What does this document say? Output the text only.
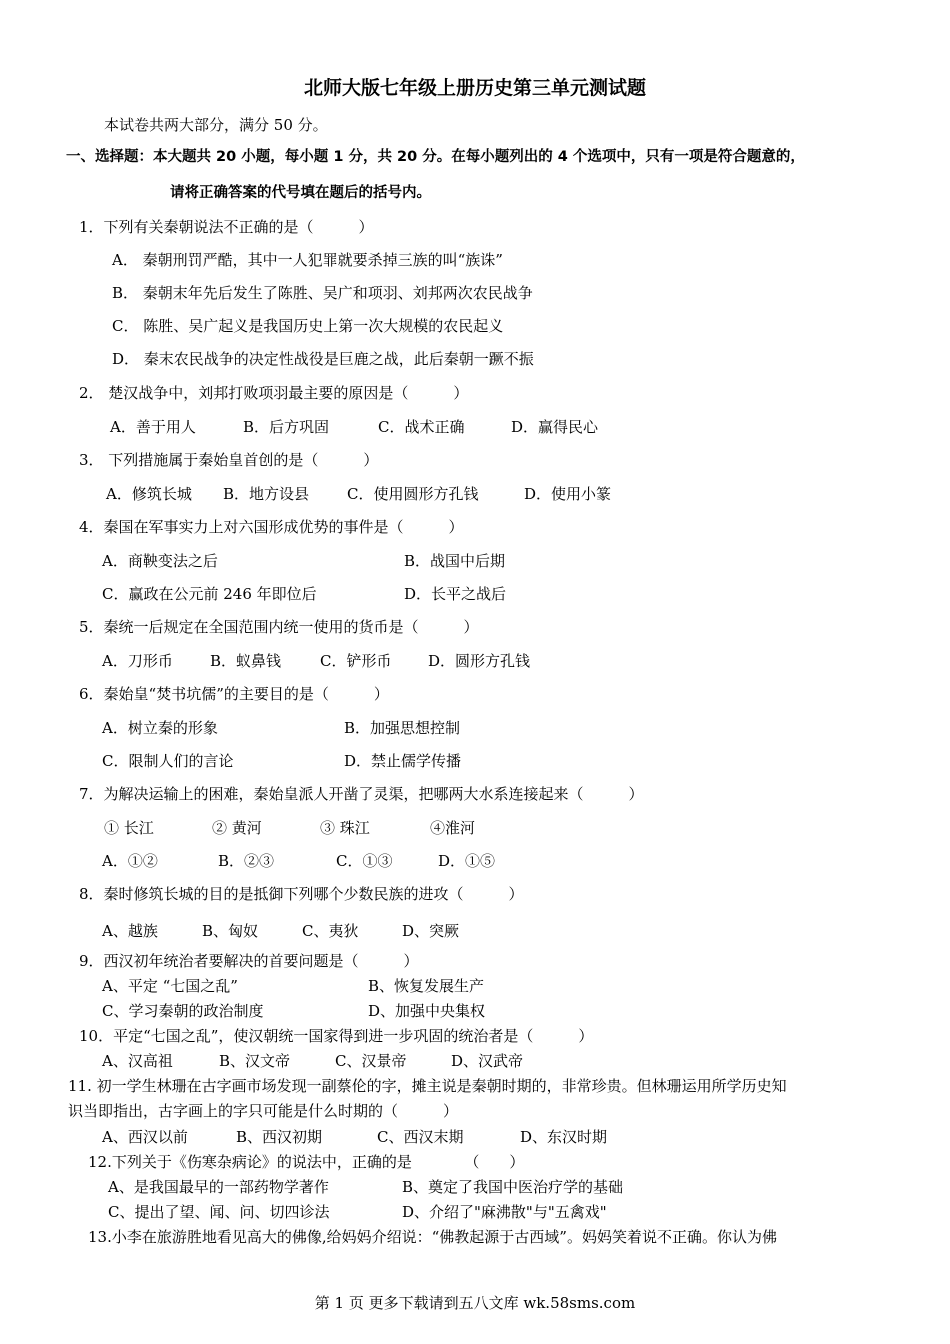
北师大版七年级上册历史第三单元测试题
本试卷共两大部分，满分 50 分。
一、选择题：本大题共 20 小题，每小题 1 分，共 20 分。在每小题列出的 4 个选项中，只有一项是符合题意的，
请将正确答案的代号填在题后的括号内。
1．下列有关秦朝说法不正确的是（　　　）
A． 秦朝刑罚严酷，其中一人犯罪就要杀掉三族的叫“族诛”
B． 秦朝末年先后发生了陈胜、吴广和项羽、刘邦两次农民战争
C． 陈胜、吴广起义是我国历史上第一次大规模的农民起义
D． 秦末农民战争的决定性战役是巨鹿之战，此后秦朝一蹶不振
2． 楚汉战争中，刘邦打败项羽最主要的原因是（　　　）
A．善于用人	B．后方巩固	C．战术正确	D．赢得民心
3． 下列措施属于秦始皇首创的是（　　　）
A．修筑长城 B．地方设县	C．使用圆形方孔钱	D．使用小篆
4．秦国在军事实力上对六国形成优势的事件是（　　　）
A．商鞅变法之后	B．战国中后期
C．赢政在公元前 246 年即位后	D．长平之战后
5．秦统一后规定在全国范围内统一使用的货币是（　　　）
A．刀形币 B．蚁鼻钱	C．铲形币 D．圆形方孔钱
6．秦始皇“焚书坑儒”的主要目的是（　　　）
A．树立秦的形象	B．加强思想控制
C．限制人们的言论	D．禁止儒学传播
7．为解决运输上的困难，秦始皇派人开凿了灵渠，把哪两大水系连接起来（　　　）
① 长江	② 黄河	③ 珠江	④淮河
A．①②	B．②③	C．①③	D．①⑤
8．秦时修筑长城的目的是抵御下列哪个少数民族的进攻（　　　）
A、越族	B、匈奴	C、夷狄	D、突厥
9．西汉初年统治者要解决的首要问题是（　　　）
A、平定 “七国之乱”	B、恢复发展生产
C、学习秦朝的政治制度	D、加强中央集权
10．平定“七国之乱”，使汉朝统一国家得到进一步巩固的统治者是（　　　）
A、汉高祖	B、汉文帝	C、汉景帝	D、汉武帝
11. 初一学生林珊在古字画市场发现一副蔡伦的字，摊主说是秦朝时期的，非常珍贵。但林珊运用所学历史知
识当即指出，古字画上的字只可能是什么时期的（　　　）
A、西汉以前	B、西汉初期	C、西汉末期	D、东汉时期
12.下列关于《伤寒杂病论》的说法中，正确的是　　　　（　　）
A、是我国最早的一部药物学著作	B、奠定了我国中医治疗学的基础
C、提出了望、闻、问、切四诊法	D、介绍了"麻沸散"与"五禽戏"
13.小李在旅游胜地看见高大的佛像,给妈妈介绍说：“佛教起源于古西域”。妈妈笑着说不正确。你认为佛
第 1 页 更多下载请到五八文库 wk.58sms.com
